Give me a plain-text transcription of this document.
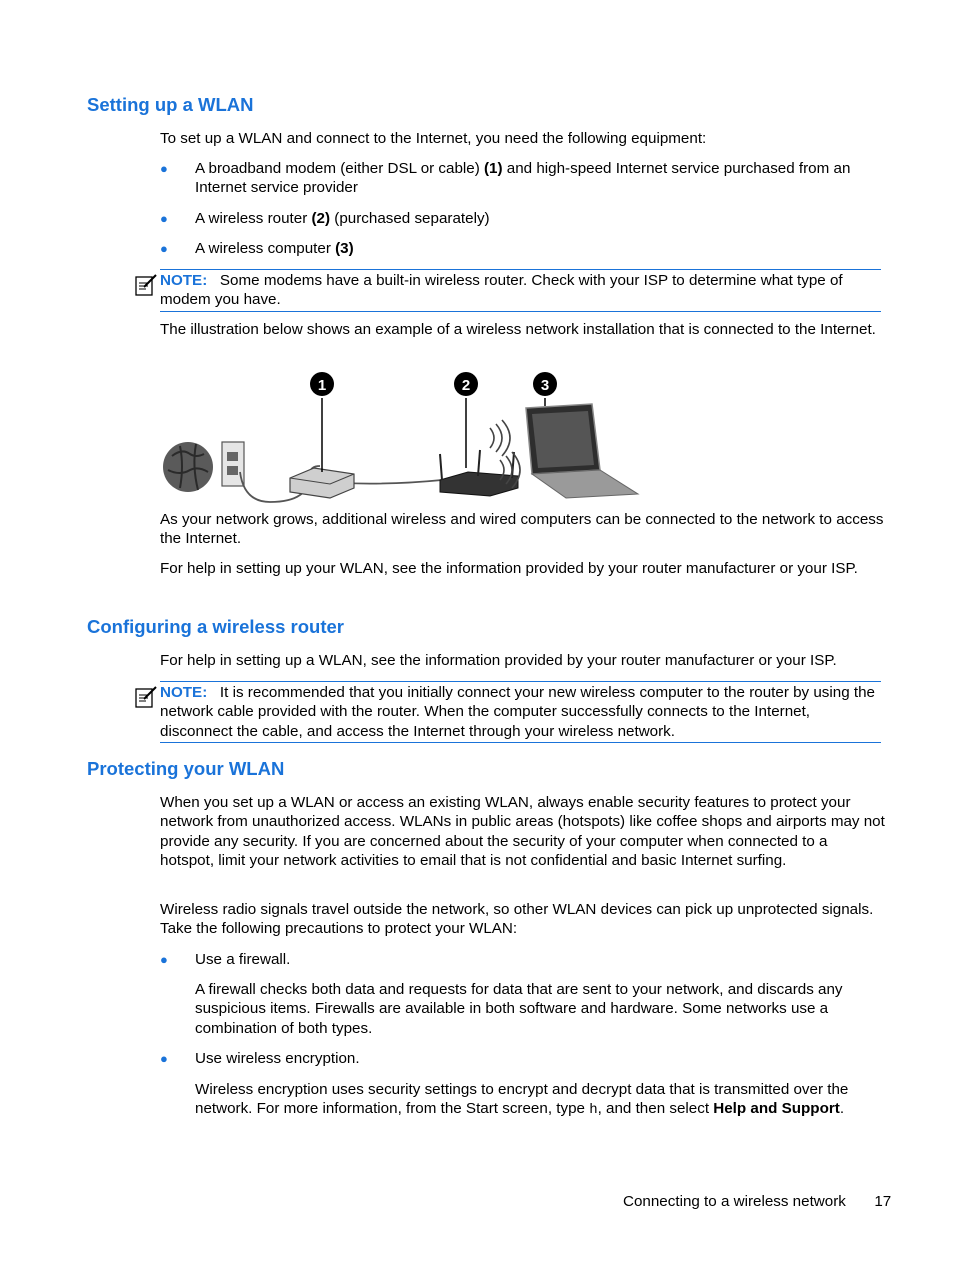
Setting up a WLAN

To set up a WLAN and connect to the Internet, you need the following equipment:

● A broadband modem (either DSL or cable) (1) and high-speed Internet service purchased from an Internet service provider
● A wireless router (2) (purchased separately)
● A wireless computer (3)
NOTE: Some modems have a built-in wireless router. Check with your ISP to determine what type of modem you have.

The illustration below shows an example of a wireless network installation that is connected to the Internet.

1	2	3

As your network grows, additional wireless and wired computers can be connected to the network to access the Internet.

For help in setting up your WLAN, see the information provided by your router manufacturer or your ISP.

Configuring a wireless router

For help in setting up a WLAN, see the information provided by your router manufacturer or your ISP.

NOTE: It is recommended that you initially connect your new wireless computer to the router by using the network cable provided with the router. When the computer successfully connects to the Internet, disconnect the cable, and access the Internet through your wireless network.
Protecting your WLAN

When you set up a WLAN or access an existing WLAN, always enable security features to protect your network from unauthorized access. WLANs in public areas (hotspots) like coffee shops and airports may not provide any security. If you are concerned about the security of your computer when connected to a hotspot, limit your network activities to email that is not confidential and basic Internet surfing.

Wireless radio signals travel outside the network, so other WLAN devices can pick up unprotected signals. Take the following precautions to protect your WLAN:

● Use a firewall.

A firewall checks both data and requests for data that are sent to your network, and discards any suspicious items. Firewalls are available in both software and hardware. Some networks use a combination of both types.

● Use wireless encryption.

Wireless encryption uses security settings to encrypt and decrypt data that is transmitted over the network. For more information, from the Start screen, type h, and then select Help and Support.

Connecting to a wireless network 17
